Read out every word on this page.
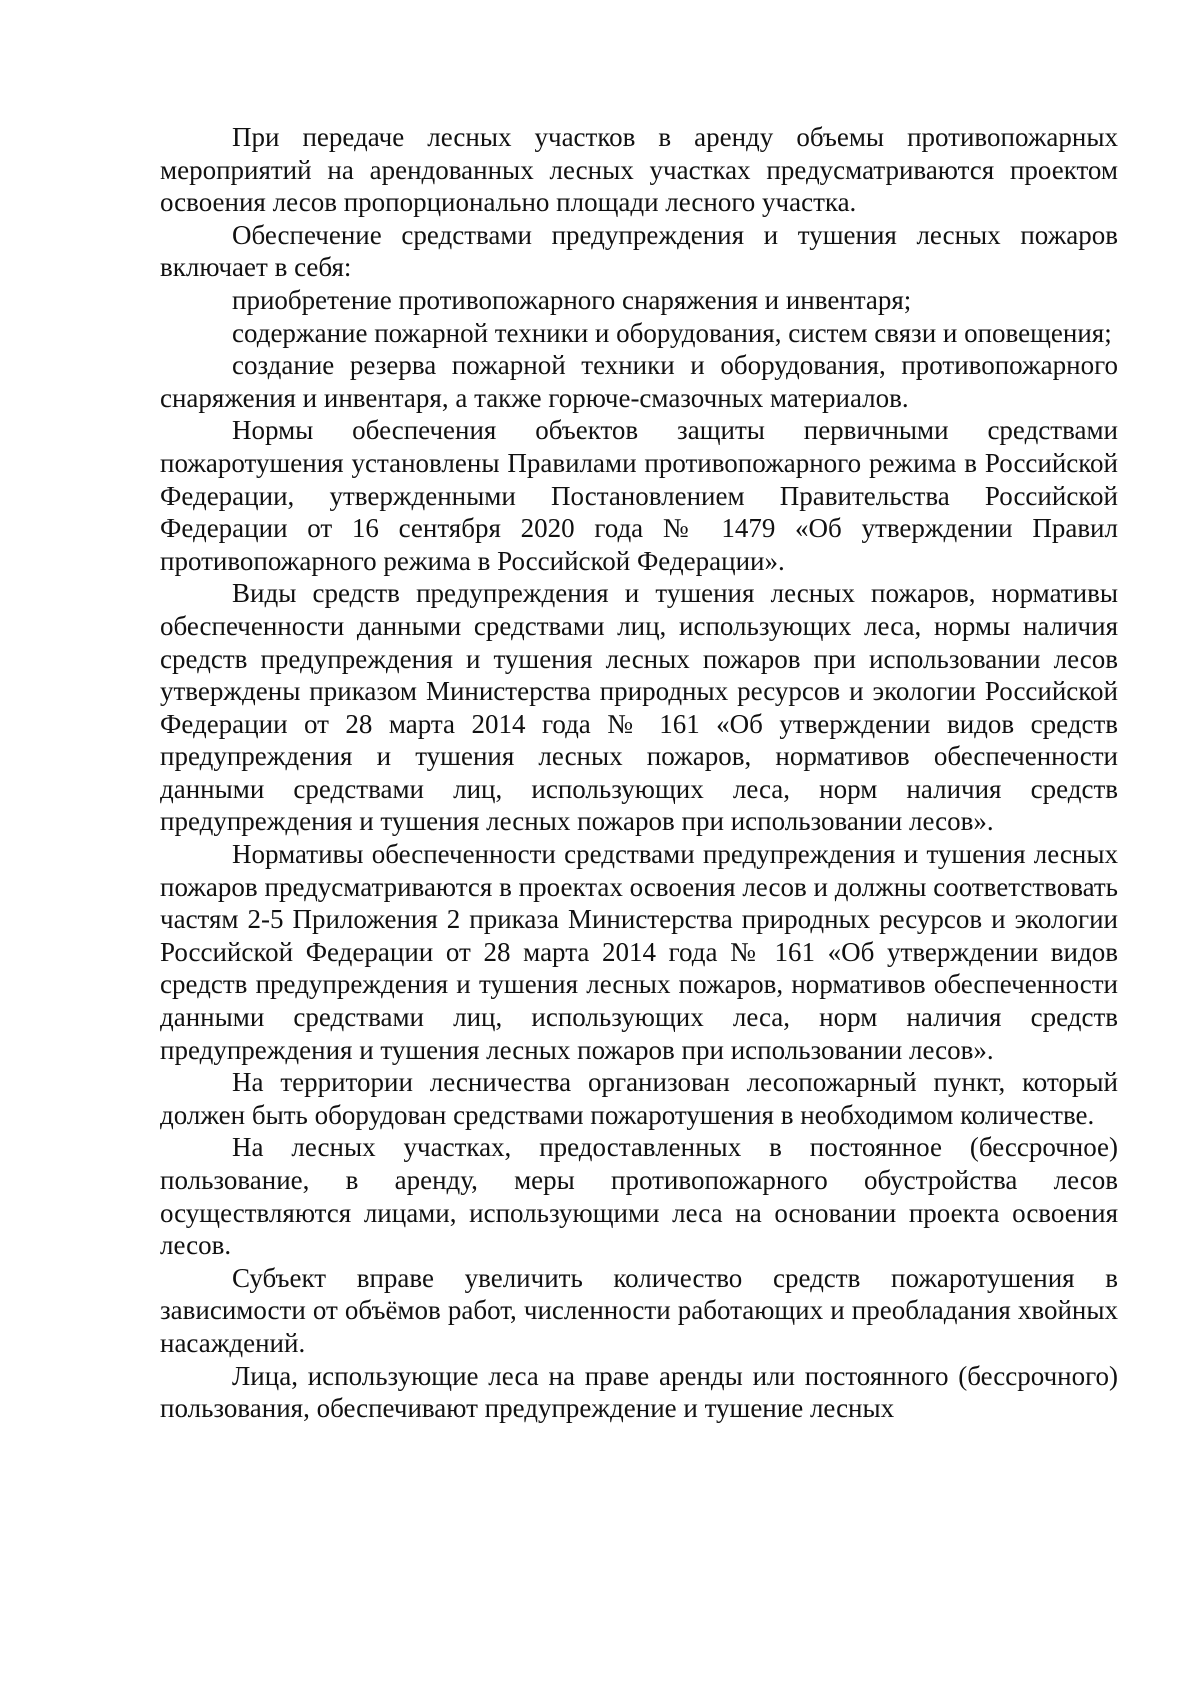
При передаче лесных участков в аренду объемы противопожарных мероприятий на арендованных лесных участках предусматриваются проектом освоения лесов пропорционально площади лесного участка.

Обеспечение средствами предупреждения и тушения лесных пожаров включает в себя:

приобретение противопожарного снаряжения и инвентаря;

содержание пожарной техники и оборудования, систем связи и оповещения;

создание резерва пожарной техники и оборудования, противопожарного снаряжения и инвентаря, а также горюче-смазочных материалов.

Нормы обеспечения объектов защиты первичными средствами пожаротушения установлены Правилами противопожарного режима в Российской Федерации, утвержденными Постановлением Правительства Российской Федерации от 16 сентября 2020 года № 1479 «Об утверждении Правил противопожарного режима в Российской Федерации».

Виды средств предупреждения и тушения лесных пожаров, нормативы обеспеченности данными средствами лиц, использующих леса, нормы наличия средств предупреждения и тушения лесных пожаров при использовании лесов утверждены приказом Министерства природных ресурсов и экологии Российской Федерации от 28 марта 2014 года № 161 «Об утверждении видов средств предупреждения и тушения лесных пожаров, нормативов обеспеченности данными средствами лиц, использующих леса, норм наличия средств предупреждения и тушения лесных пожаров при использовании лесов».

Нормативы обеспеченности средствами предупреждения и тушения лесных пожаров предусматриваются в проектах освоения лесов и должны соответствовать частям 2-5 Приложения 2 приказа Министерства природных ресурсов и экологии Российской Федерации от 28 марта 2014 года № 161 «Об утверждении видов средств предупреждения и тушения лесных пожаров, нормативов обеспеченности данными средствами лиц, использующих леса, норм наличия средств предупреждения и тушения лесных пожаров при использовании лесов».

На территории лесничества организован лесопожарный пункт, который должен быть оборудован средствами пожаротушения в необходимом количестве.

На лесных участках, предоставленных в постоянное (бессрочное) пользование, в аренду, меры противопожарного обустройства лесов осуществляются лицами, использующими леса на основании проекта освоения лесов.

Субъект вправе увеличить количество средств пожаротушения в зависимости от объёмов работ, численности работающих и преобладания хвойных насаждений.

Лица, использующие леса на праве аренды или постоянного (бессрочного) пользования, обеспечивают предупреждение и тушение лесных
